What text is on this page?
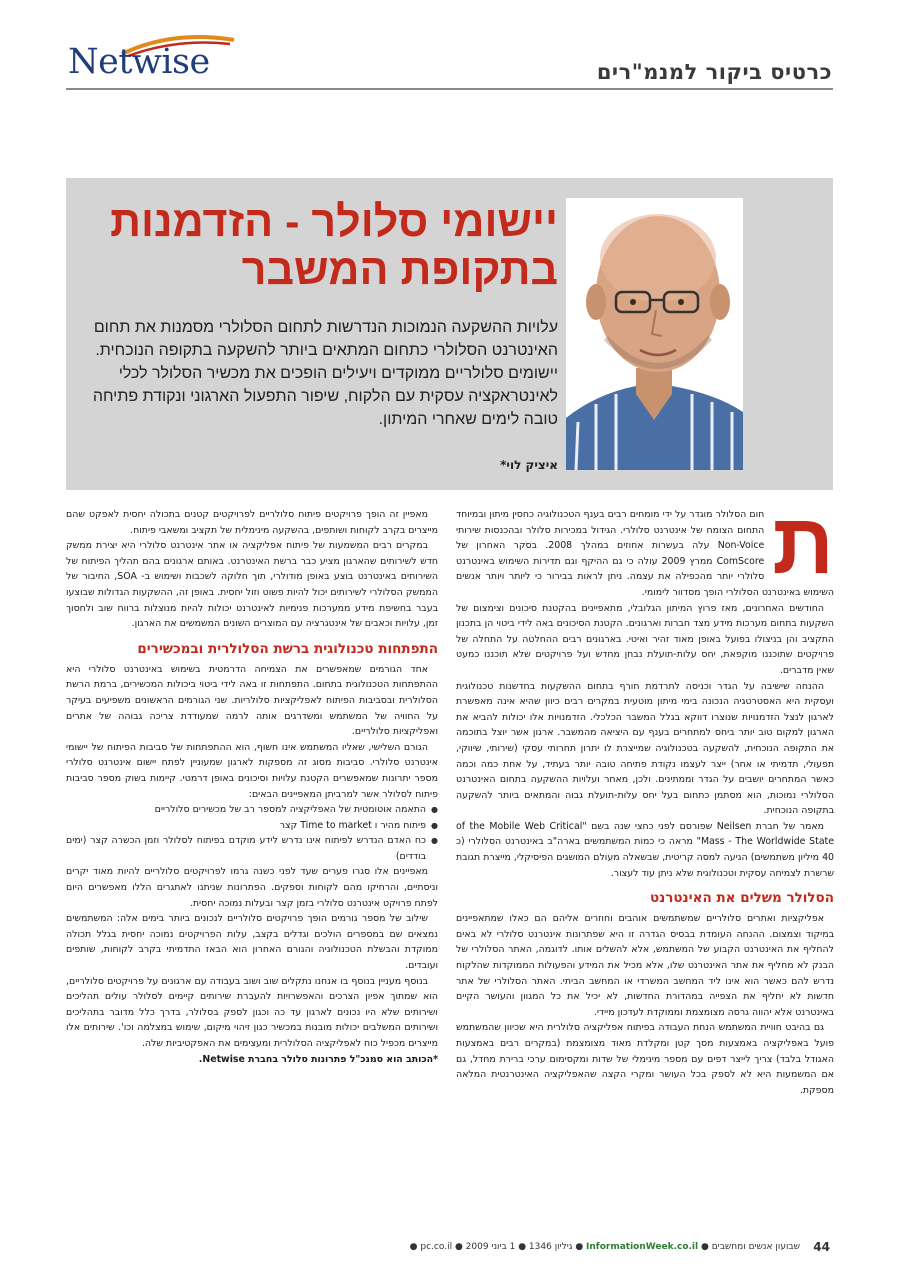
Netwise	כרטיס ביקור למנמ"רים
יישומי סלולר - הזדמנות
בתקופת המשבר
עלויות ההשקעה הנמוכות הנדרשות לתחום הסלולרי מסמנות את תחום האינטרנט הסלולרי כתחום המתאים ביותר להשקעה בתקופה הנוכחית. יישומים סלולריים ממוקדים ויעילים הופכים את מכשיר הסלולר לכלי לאינטראקציה עסקית עם הלקוח, שיפור התפעול הארגוני ונקודת פתיחה טובה לימים שאחרי המיתון.
איציק לוי*
ת

חום הסלולר מוגדר על ידי מומחים רבים בענף הטכנולוגיה כחסין מיתון ובמיוחד התחום הצומח של אינטרנט סלולרי. הגידול במכירות סלולר ובהכנסות שירותי Non-Voice עלה בעשרות אחוזים במהלך 2008. בסקר האחרון של ComScore ממרץ 2009 עולה כי גם ההיקף וגם תדירות השימוש באינטרנט סלולרי יותר מהכפילה את עצמה. ניתן לראות בבירור כי ליותר ויותר אנשים השימוש באינטרנט הסלולרי הופך מסדוור לימומי.

החודשים האחרונים, מאז פרוץ המיתון הגלובלי, מתאפיינים בהקטנת סיכונים וצימצום של השקעות בתחום מערכות מידע מצד חברות וארגונים. הקטנת הסיכונים באה לידי ביטוי הן בתכנון התקציב והן בניצולו בפועל באופן מאוד זהיר ואיטי. בארגונים רבים ההחלטה על התחלה של פרויקטים שתוכננו מוקפאת, יחס עלות-תועלת נבחן מחדש ועל פרויקטים שלא תוכננו כמעט שאין מדברים.

ההנחה שישיבה על הגדר וכניסה לתרדמת חורף בתחום ההשקעות בחדשנות טכנולוגית ועסקית היא האסטרטגיה הנכונה בימי מיתון מוטעית במקרים רבים כיוון שהיא אינה מאפשרת לארגון לנצל הזדמנויות שנוצרו דווקא בגלל המשבר הכלכלי. הזדמנויות אלו יכולות להביא את הארגון למקום טוב יותר ביחס למתחרים בענף עם היציאה מהמשבר. ארגון אשר יוצל בתוכמה את התקופה הנוכחית, להשקעה בטכנולוגיה שמייצרת לו יתרון תחרותי עסקי (שירותי, שיווקי, תפעולי, תדמיתי או אחר) ייצר לעצמו נקודת פתיחה טובה יותר בעתיד, על אחת כמה וכמה כאשר המתחרים יושבים על הגדר וממתינים. ולכן, מאחר ועלויות ההשקעה בתחום האינטרנט הסלולרי נמוכות, הוא מסתמן כתחום בעל יחס עלות-תועלת גבוה והמתאים ביותר להשקעה בתקופה הנוכחית.

מאמר של חברת Neilsen שפורסם לפני כחצי שנה בשם "of the Mobile Web Critical Mass - The Worldwide State" מראה כי כמות המשתמשים בארה"ב באינטרנט הסלולרי (כ 40 מיליון משתמשים) הגיעה למסה קריטית, שבשאלה מעולם המושגים הפיסיקלי, מייצרת תגובת שרשרת לצמיחה עסקית וטכנולוגית שלא ניתן עוד לעצור.

הסלולר משלים את האינטרנט

אפליקציות ואתרים סלולריים שמשתמשים אוהבים וחוזרים אליהם הם כאלו שמתאפיינים במיקוד וצמצום. ההנחה העומדת בבסיס הגדרה זו היא שפתרונות אינטרנט סלולרי לא באים להחליף את האינטרנט הקבוע של המשתמש, אלא להשלים אותו. לדוגמה, האתר הסלולרי של הבנק לא מחליף את אתר האינטרנט שלו, אלא מכיל את המידע והפעולות הממוקדות שהלקוח נדרש להם כאשר הוא אינו ליד המחשב המשרדי או המחשב הביתי. האתר הסלולרי של אתר חדשות לא יחליף את הצפייה במהדורת החדשות, לא יכיל את כל המגוון והעושר הקיים באינטרנט אלא יהווה גרסה מצומצמת וממוקדת לעדכון מיידי.

גם בהיבט חוויית המשתמש הנחת העבודה בפיתוח אפליקציה סלולרית היא שכיוון שהמשתמש פועל באפליקציה באמצעות מסך קטן ומקלדת מאוד מצומצמת (במקרים רבים באמצעות האגודל בלבד) צריך לייצר דפים עם מספר מינימלי של שדות ומקסימום ערכי ברירת מחדל, גם אם המשמעות היא לא לספק בכל העושר ומקרי הקצה שהאפליקציה האינטרנטית המלאה מספקת.

מאפיין זה הופך פרויקטים פיתוח סלולריים לפרויקטים קטנים בתכולה יחסית לאפקט שהם מייצרים בקרב לקוחות ושותפים, בהשקעה מינימלית של תקציב ומשאבי פיתוח.

במקרים רבים המשמעות של פיתוח אפליקציה או אתר אינטרנט סלולרי היא יצירת ממשק חדש לשירותים שהארגון מציע כבר ברשת האינטרנט. באותם ארגונים בהם תהליך הפיתוח של השירותים באינטרנט בוצע באופן מודולרי, תוך חלוקה לשכבות ושימוש ב- SOA, החיבור של הממשק הסלולרי לשירותים יכול להיות פשוט וזול יחסית. באופן זה, ההשקעות הגדולות שבוצעו בעבר בחשיפת מידע ממערכות פנימיות לאינטרנט יכולות להיות מנוצלות ברווח שוב ולחסוך זמן, עלויות וכאבים של אינטגרציה עם המוצרים השונים המשמשים את הארגון.

התפתחות טכנולוגית ברשת הסלולרית ובמכשירים

אחד הגורמים שמאפשרים את הצמיחה הדרמטית בשימוש באינטרנט סלולרי היא ההתפתחות הטכנולוגית בתחום. התפתחות זו באה לידי ביטוי ביכולות המכשירים, ברמת הרשת הסלולרית ובסביבות הפיתוח לאפליקציות סלולריות. שני הגורמים הראשונים משפיעים בעיקר על החוויה של המשתמש ומשדרגים אותה לרמה שמעודדת צריכה גבוהה של אתרים ואפליקציות סלולריים.

הגורם השלישי, שאליו המשתמש אינו חשוף, הוא ההתפתחות של סביבות הפיתוח של יישומי אינטרנט סלולרי. סביבות מסוג זה מספקות לארגון שמעוניין לפתח יישום אינטרנט סלולרי מספר יתרונות שמאפשרים הקטנת עלויות וסיכונים באופן דרמטי. קיימות בשוק מספר סביבות פיתוח לסלולר אשר למרביתן המאפיינים הבאים:

● התאמה אוטומטית של האפליקציה למספר רב של מכשירים סלולריים
● פיתוח מהיר ו Time to market קצר
● כח האדם הנדרש לפיתוח אינו נדרש לידע מוקדם בפיתוח לסלולר וזמן הכשרה קצר (ימים בודדים)

מאפיינים אלו סגרו פערים שעד לפני כשנה גרמו לפרויקטים סלולריים להיות מאוד יקרים וניסתיים, והרחיקו מהם לקוחות וספקים. הפתרונות שניתנו לאתגרים הללו מאפשרים היום לפתח פרויקט אינטרנט סלולרי בזמן קצר ובעלות נמוכה יחסית.

שילוב של מספר גורמים הופך פרויקטים סלולריים לנכונים ביותר בימים אלה: המשתמשים נמצאים שם במספרים הולכים וגדלים בקצב, עלות הפרויקטים נמוכה יחסית בגלל תכולה ממוקדת והבשלת הטכנולוגיה והגורם האחרון הוא הבאז התדמיתי בקרב לקוחות, שותפים ועובדים.

בנוסף מעניין בנוסף בו אנחנו נתקלים שוב ושוב בעבודה עם ארגונים על פרויקטים סלולריים, הוא שמתוך אפיון הצרכים והאפשרויות להעברת שירותים קיימים לסלולר עולים תהליכים ושירותים שלא היו נכונים לארגון עד כה וכגון לספק בסלולר, בדרך כלל מדובר בתהליכים ושירותים המשלבים יכולות מובנות במכשיר כגון זיהוי מיקום, שימוש במצלמה וכו'. שירותים אלו מייצרים מכפיל כוח לאפליקציה הסלולרית ומעצימים את האפקטיביות שלה.

*הכותב הוא סמנכ"ל פתרונות סלולר בחברת Netwise.

44
שבועון אנשים ומחשבים ● InformationWeek.co.il ● גיליון 1346 ● 1 ביוני 2009 ● pc.co.il ●
